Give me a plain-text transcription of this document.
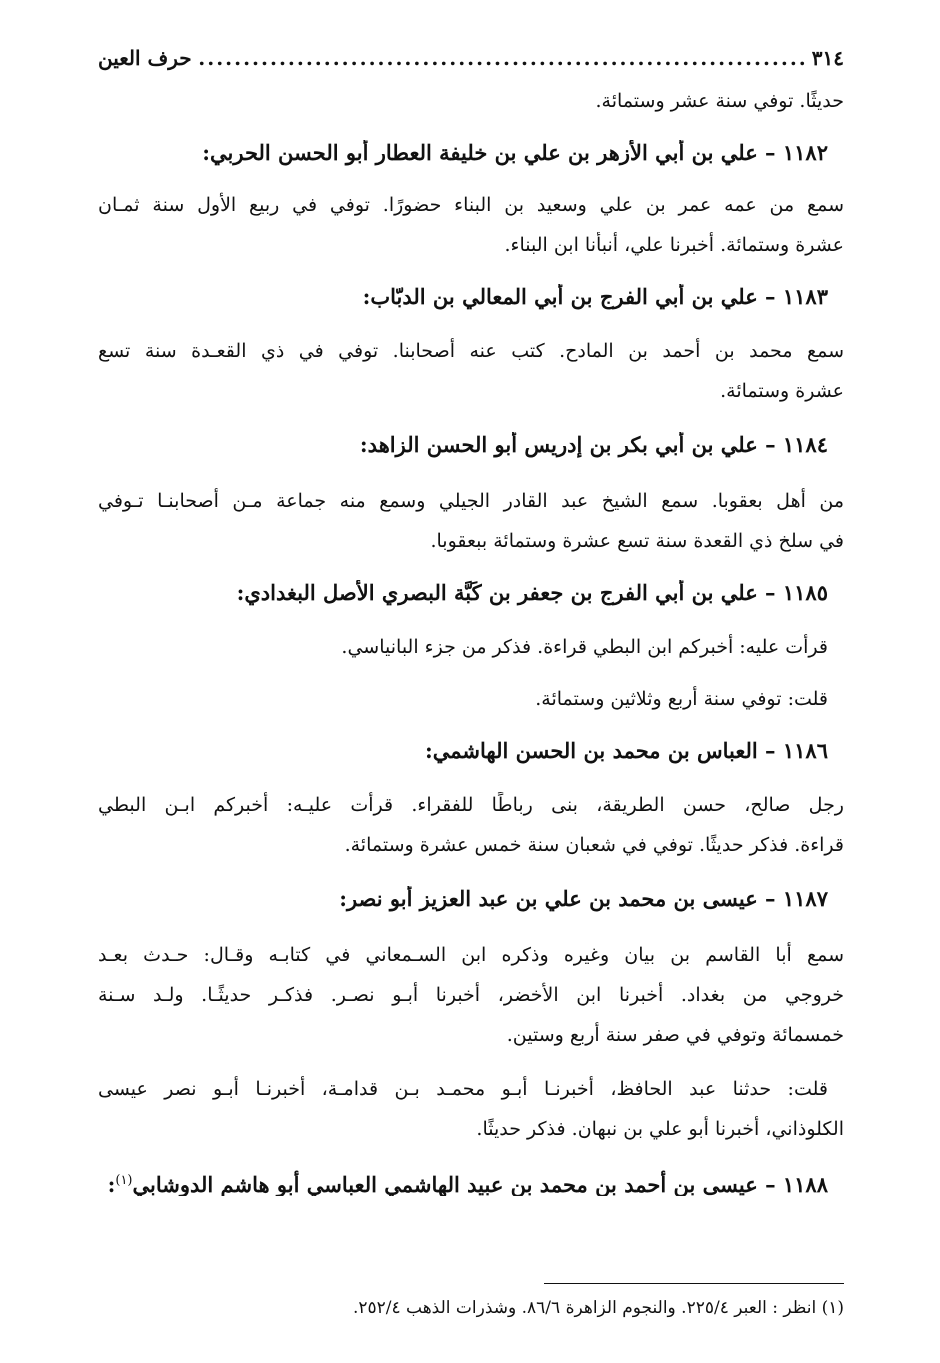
٣١٤
.....
حرف العين
حديثًا. توفي سنة عشر وستمائة.
١١٨٢ – علي بن أبي الأزهر بن علي بن خليفة العطار أبو الحسن الحربي:
سمع من عمه عمر بن علي وسعيد بن البناء حضورًا. توفي في ربيع الأول سنة ثمـان
عشرة وستمائة. أخبرنا علي، أنبأنا ابن البناء.
١١٨٣ – علي بن أبي الفرج بن أبي المعالي بن الدبّاب:
سمع محمد بن أحمد بن المادح. كتب عنه أصحابنا. توفي في ذي القعـدة سنة تسع
عشرة وستمائة.
١١٨٤ – علي بن أبي بكر بن إدريس أبو الحسن الزاهد:
من أهل بعقوبا. سمع الشيخ عبد القادر الجيلي وسمع منه جماعة مـن أصحابنـا تـوفي
في سلخ ذي القعدة سنة تسع عشرة وستمائة ببعقوبا.
١١٨٥ – علي بن أبي الفرج بن جعفر بن كَبَّة البصري الأصل البغدادي:
قرأت عليه: أخبركم ابن البطي قراءة. فذكر من جزء البانياسي.
قلت: توفي سنة أربع وثلاثين وستمائة.
١١٨٦ – العباس بن محمد بن الحسن الهاشمي:
رجل صالح، حسن الطريقة، بنى رباطًا للفقراء. قرأت عليـه: أخبركم ابـن البطي
قراءة. فذكر حديثًا. توفي في شعبان سنة خمس عشرة وستمائة.
١١٨٧ – عيسى بن محمد بن علي بن عبد العزيز أبو نصر:
سمع أبا القاسم بن بيان وغيره وذكره ابن السـمعاني في كتابـه وقـال: حـدث بعـد
خروجي من بغداد. أخبرنا ابن الأخضر، أخبرنا أبـو نصـر. فذكـر حديثًـا. ولـد سـنة
خمسمائة وتوفي في صفر سنة أربع وستين.
قلت: حدثنا عبد الحافظ، أخبرنـا أبـو محمـد بـن قدامـة، أخبرنـا أبـو نصر عيسى
الكلوذاني، أخبرنا أبو علي بن نبهان. فذكر حديثًا.
١١٨٨ – عيسى بن أحمد بن محمد بن عبيد الهاشمي العباسي أبو هاشم الدوشابي$^{(١)}$:
(١) انظر : العبر ٢٢٥/٤. والنجوم الزاهرة ٨٦/٦. وشذرات الذهب ٢٥٢/٤.
